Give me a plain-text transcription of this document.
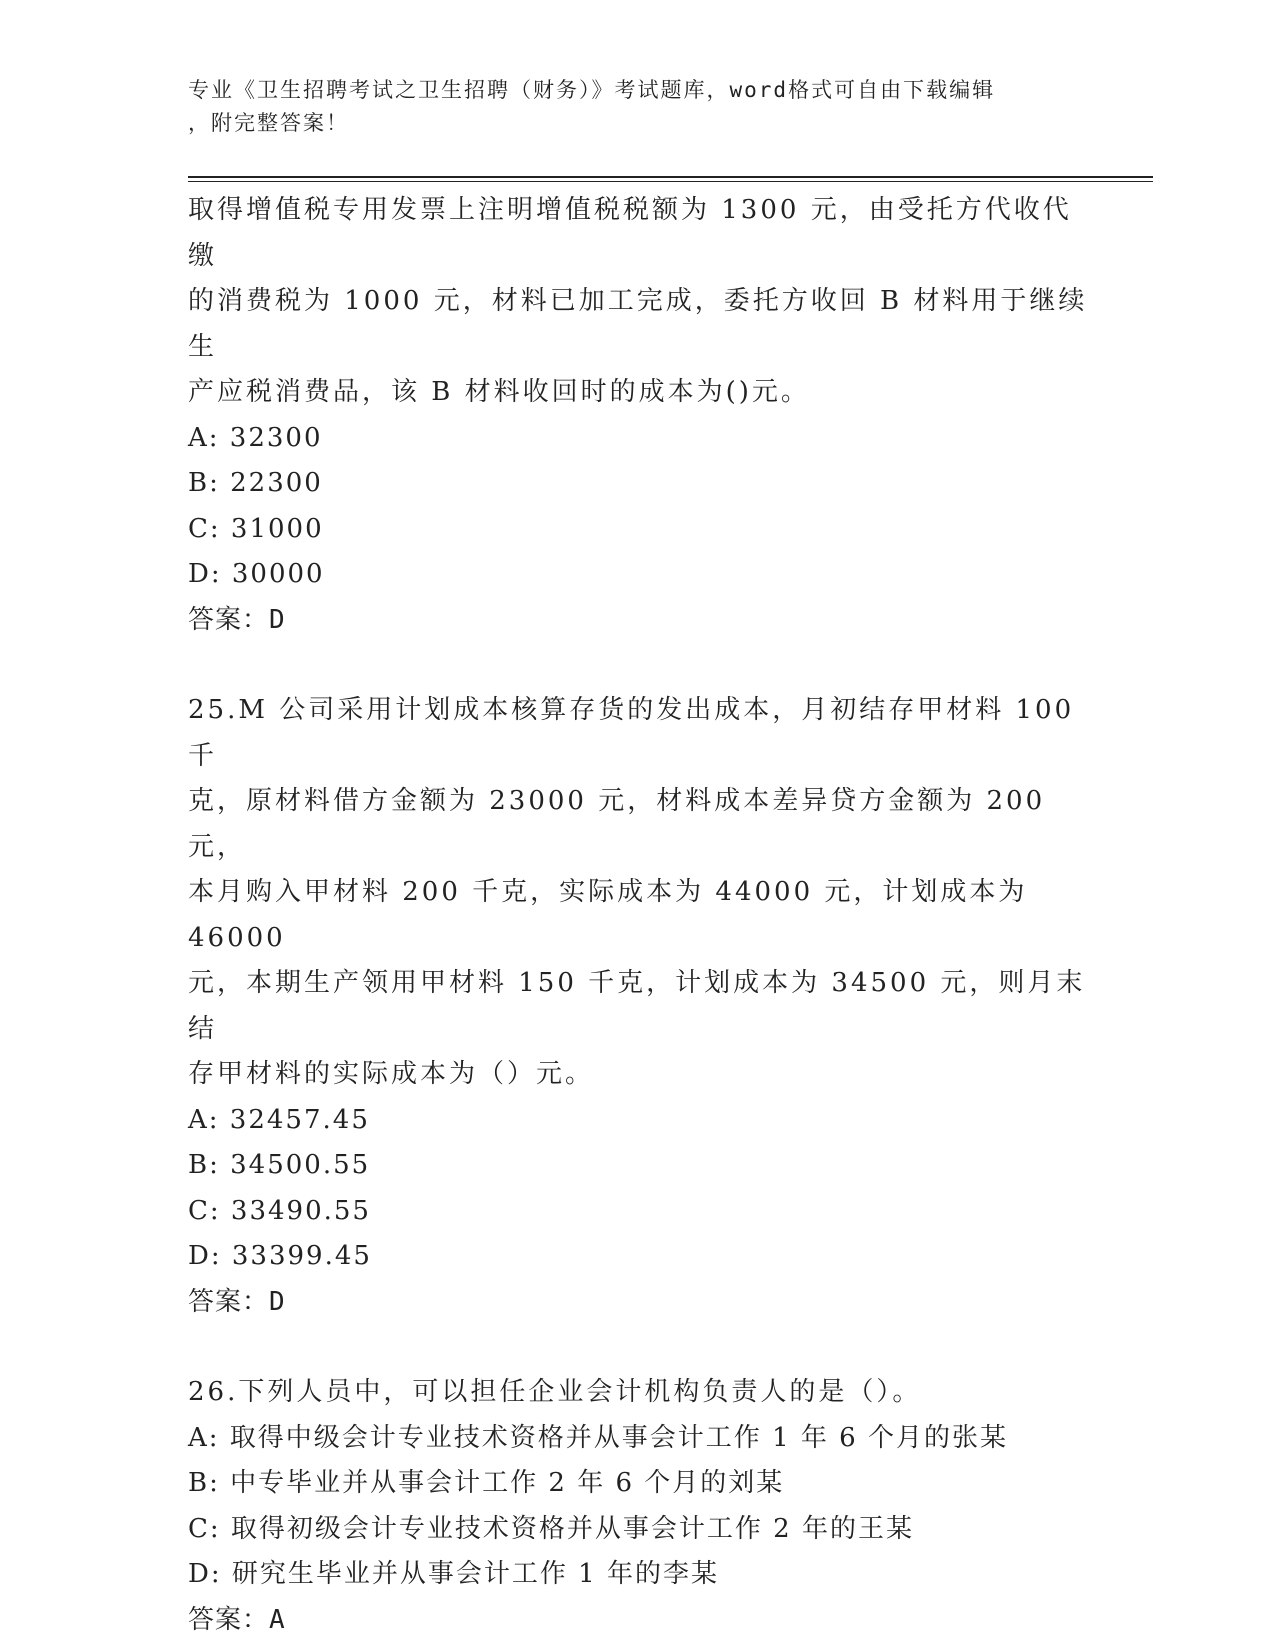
专业《卫生招聘考试之卫生招聘（财务）》考试题库，word格式可自由下载编辑
，附完整答案！

取得增值税专用发票上注明增值税税额为 1300 元，由受托方代收代缴

的消费税为 1000 元，材料已加工完成，委托方收回 B 材料用于继续生

产应税消费品，该 B 材料收回时的成本为()元。

A: 32300

B: 22300

C: 31000

D: 30000

答案：D

25.M 公司采用计划成本核算存货的发出成本，月初结存甲材料 100 千

克，原材料借方金额为 23000 元，材料成本差异贷方金额为 200 元，

本月购入甲材料 200 千克，实际成本为 44000 元，计划成本为 46000

元，本期生产领用甲材料 150 千克，计划成本为 34500 元，则月末结

存甲材料的实际成本为（）元。

A: 32457.45

B: 34500.55

C: 33490.55

D: 33399.45

答案：D

26.下列人员中，可以担任企业会计机构负责人的是（）。

A: 取得中级会计专业技术资格并从事会计工作 1 年 6 个月的张某

B: 中专毕业并从事会计工作 2 年 6 个月的刘某

C: 取得初级会计专业技术资格并从事会计工作 2 年的王某

D: 研究生毕业并从事会计工作 1 年的李某

答案：A
